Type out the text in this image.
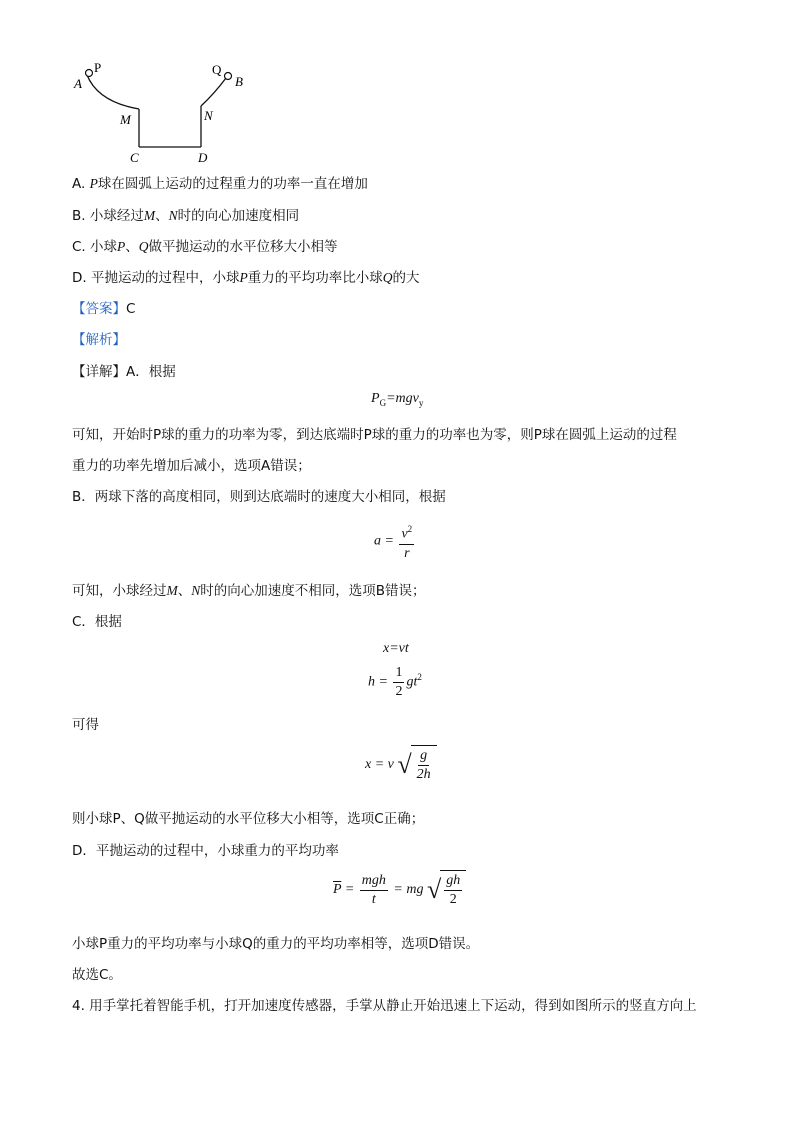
A
P	Q
B
M	N
C	D
A. P球在圆弧上运动的过程重力的功率一直在增加
B. 小球经过M、N时的向心加速度相同
C. 小球P、Q做平抛运动的水平位移大小相等
D. 平抛运动的过程中，小球P重力的平均功率比小球Q的大
【答案】C
【解析】
【详解】A．根据
$P_G=mgv_y$
可知，开始时P球的重力的功率为零，到达底端时P球的重力的功率也为零，则P球在圆弧上运动的过程
重力的功率先增加后减小，选项A错误；
B．两球下落的高度相同，则到达底端时的速度大小相同，根据
$a = \frac{v^2}{r}$
可知，小球经过M、N时的向心加速度不相同，选项B错误；
C．根据
x=vt
$h = \frac{1}{2} gt^2$
可得
x = v √ $\frac{g}{2h}$
则小球P、Q做平抛运动的水平位移大小相等，选项C正确；
D．平抛运动的过程中，小球重力的平均功率
$\overline{P} = \frac{\text{mgh}}{t}$ = mg √ $\frac{gh}{2}$
小球P重力的平均功率与小球Q的重力的平均功率相等，选项D错误。
故选C。
4. 用手掌托着智能手机，打开加速度传感器，手掌从静止开始迅速上下运动，得到如图所示的竖直方向上
